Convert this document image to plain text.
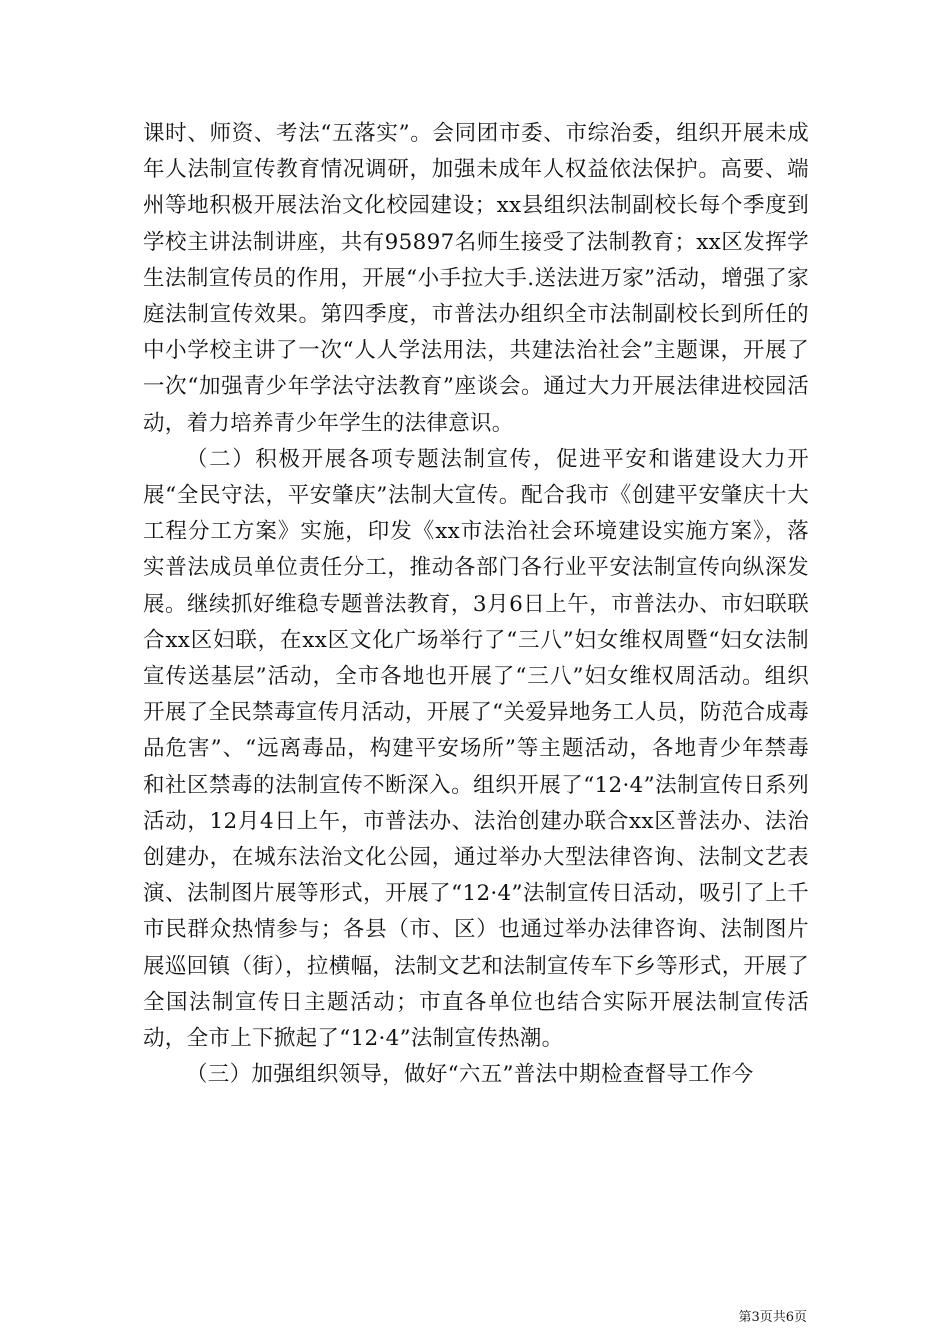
课时、师资、考法“五落实”。会同团市委、市综治委，组织开展未成年人法制宣传教育情况调研，加强未成年人权益依法保护。高要、端州等地积极开展法治文化校园建设；xx县组织法制副校长每个季度到学校主讲法制讲座，共有95897名师生接受了法制教育；xx区发挥学生法制宣传员的作用，开展“小手拉大手.送法进万家”活动，增强了家庭法制宣传效果。第四季度，市普法办组织全市法制副校长到所任的中小学校主讲了一次“人人学法用法，共建法治社会”主题课，开展了一次“加强青少年学法守法教育”座谈会。通过大力开展法律进校园活动，着力培养青少年学生的法律意识。

（二）积极开展各项专题法制宣传，促进平安和谐建设大力开展“全民守法，平安肇庆”法制大宣传。配合我市《创建平安肇庆十大工程分工方案》实施，印发《xx市法治社会环境建设实施方案》，落实普法成员单位责任分工，推动各部门各行业平安法制宣传向纵深发展。继续抓好维稳专题普法教育，3月6日上午，市普法办、市妇联联合xx区妇联，在xx区文化广场举行了“三八”妇女维权周暨“妇女法制宣传送基层”活动，全市各地也开展了“三八”妇女维权周活动。组织开展了全民禁毒宣传月活动，开展了“关爱异地务工人员，防范合成毒品危害”、“远离毒品，构建平安场所”等主题活动，各地青少年禁毒和社区禁毒的法制宣传不断深入。组织开展了“12·4”法制宣传日系列活动，12月4日上午，市普法办、法治创建办联合xx区普法办、法治创建办，在城东法治文化公园，通过举办大型法律咨询、法制文艺表演、法制图片展等形式，开展了“12·4”法制宣传日活动，吸引了上千市民群众热情参与；各县（市、区）也通过举办法律咨询、法制图片展巡回镇（街），拉横幅，法制文艺和法制宣传车下乡等形式，开展了全国法制宣传日主题活动；市直各单位也结合实际开展法制宣传活动，全市上下掀起了“12·4”法制宣传热潮。

（三）加强组织领导，做好“六五”普法中期检查督导工作今

第3页共6页
